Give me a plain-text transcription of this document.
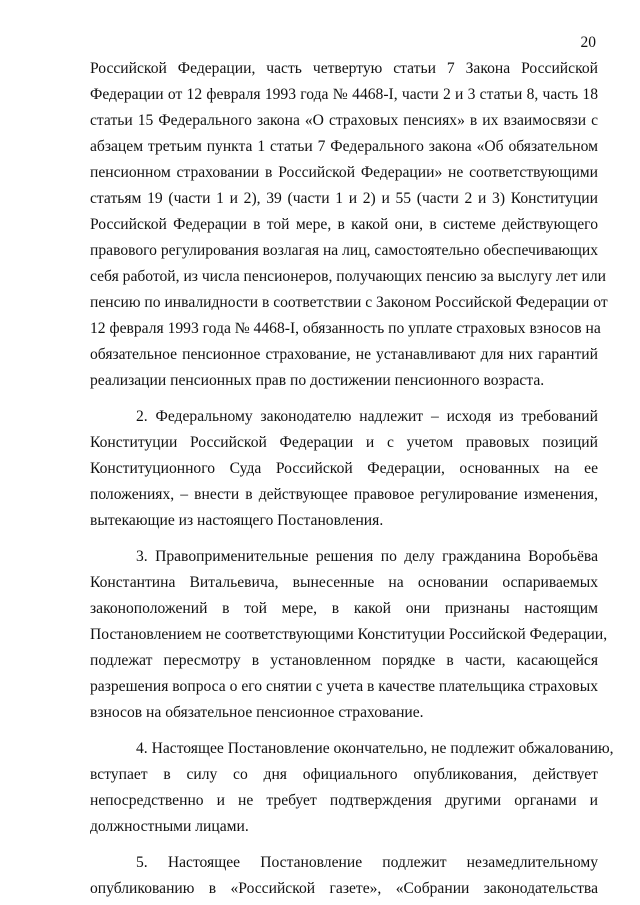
20
Российской Федерации, часть четвертую статьи 7 Закона Российской
Федерации от 12 февраля 1993 года № 4468-I, части 2 и 3 статьи 8, часть 18
статьи 15 Федерального закона «О страховых пенсиях» в их взаимосвязи с
абзацем третьим пункта 1 статьи 7 Федерального закона «Об обязательном
пенсионном страховании в Российской Федерации» не соответствующими
статьям 19 (части 1 и 2), 39 (части 1 и 2) и 55 (части 2 и 3) Конституции
Российской Федерации в той мере, в какой они, в системе действующего
правового регулирования возлагая на лиц, самостоятельно обеспечивающих
себя работой, из числа пенсионеров, получающих пенсию за выслугу лет или
пенсию по инвалидности в соответствии с Законом Российской Федерации от
12 февраля 1993 года № 4468-I, обязанность по уплате страховых взносов на
обязательное пенсионное страхование, не устанавливают для них гарантий
реализации пенсионных прав по достижении пенсионного возраста.
2. Федеральному законодателю надлежит – исходя из требований
Конституции Российской Федерации и с учетом правовых позиций
Конституционного Суда Российской Федерации, основанных на ее
положениях, – внести в действующее правовое регулирование изменения,
вытекающие из настоящего Постановления.
3. Правоприменительные решения по делу гражданина Воробьёва
Константина Витальевича, вынесенные на основании оспариваемых
законоположений в той мере, в какой они признаны настоящим
Постановлением не соответствующими Конституции Российской Федерации,
подлежат пересмотру в установленном порядке в части, касающейся
разрешения вопроса о его снятии с учета в качестве плательщика страховых
взносов на обязательное пенсионное страхование.
4. Настоящее Постановление окончательно, не подлежит обжалованию,
вступает в силу со дня официального опубликования, действует
непосредственно и не требует подтверждения другими органами и
должностными лицами.
5. Настоящее Постановление подлежит незамедлительному
опубликованию в «Российской газете», «Собрании законодательства
